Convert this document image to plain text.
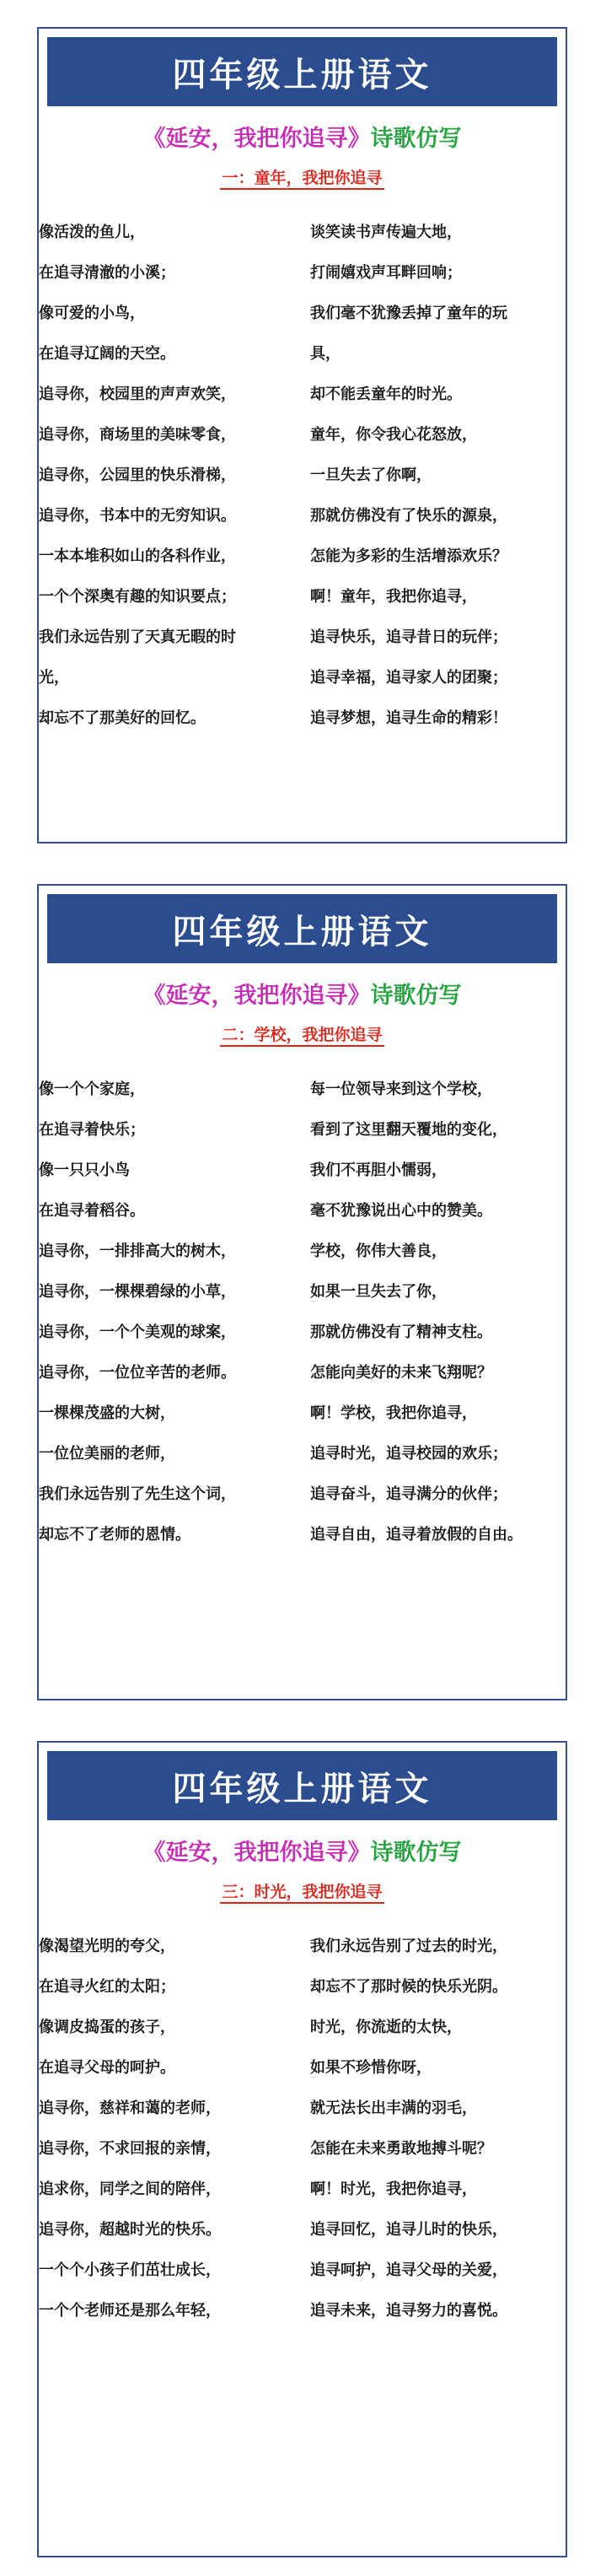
四年级上册语文
《延安，我把你追寻》诗歌仿写
一：童年，我把你追寻
像活泼的鱼儿，
在追寻清澈的小溪；
像可爱的小鸟，
在追寻辽阔的天空。
追寻你，校园里的声声欢笑，
追寻你，商场里的美味零食，
追寻你，公园里的快乐滑梯，
追寻你，书本中的无穷知识。
一本本堆积如山的各科作业，
一个个深奥有趣的知识要点；
我们永远告别了天真无暇的时
光，
却忘不了那美好的回忆。
谈笑读书声传遍大地，
打闹嬉戏声耳畔回响；
我们毫不犹豫丢掉了童年的玩
具，
却不能丢童年的时光。
童年，你令我心花怒放，
一旦失去了你啊，
那就仿佛没有了快乐的源泉，
怎能为多彩的生活增添欢乐？
啊！童年，我把你追寻，
追寻快乐，追寻昔日的玩伴；
追寻幸福，追寻家人的团聚；
追寻梦想，追寻生命的精彩！
四年级上册语文
《延安，我把你追寻》诗歌仿写
二：学校，我把你追寻
像一个个家庭，
在追寻着快乐；
像一只只小鸟
在追寻着稻谷。
追寻你，一排排高大的树木，
追寻你，一棵棵碧绿的小草，
追寻你，一个个美观的球案，
追寻你，一位位辛苦的老师。
一棵棵茂盛的大树，
一位位美丽的老师，
我们永远告别了先生这个词，
却忘不了老师的恩情。
每一位领导来到这个学校，
看到了这里翻天覆地的变化，
我们不再胆小懦弱，
毫不犹豫说出心中的赞美。
学校，你伟大善良，
如果一旦失去了你，
那就仿佛没有了精神支柱。
怎能向美好的未来飞翔呢？
啊！学校，我把你追寻，
追寻时光，追寻校园的欢乐；
追寻奋斗，追寻满分的伙伴；
追寻自由，追寻着放假的自由。
四年级上册语文
《延安，我把你追寻》诗歌仿写
三：时光，我把你追寻
像渴望光明的夸父，
在追寻火红的太阳；
像调皮捣蛋的孩子，
在追寻父母的呵护。
追寻你，慈祥和蔼的老师，
追寻你，不求回报的亲情，
追求你，同学之间的陪伴，
追寻你，超越时光的快乐。
一个个小孩子们茁壮成长，
一个个老师还是那么年轻，
我们永远告别了过去的时光，
却忘不了那时候的快乐光阴。
时光，你流逝的太快，
如果不珍惜你呀，
就无法长出丰满的羽毛，
怎能在未来勇敢地搏斗呢？
啊！时光，我把你追寻，
追寻回忆，追寻儿时的快乐，
追寻呵护，追寻父母的关爱，
追寻未来，追寻努力的喜悦。
